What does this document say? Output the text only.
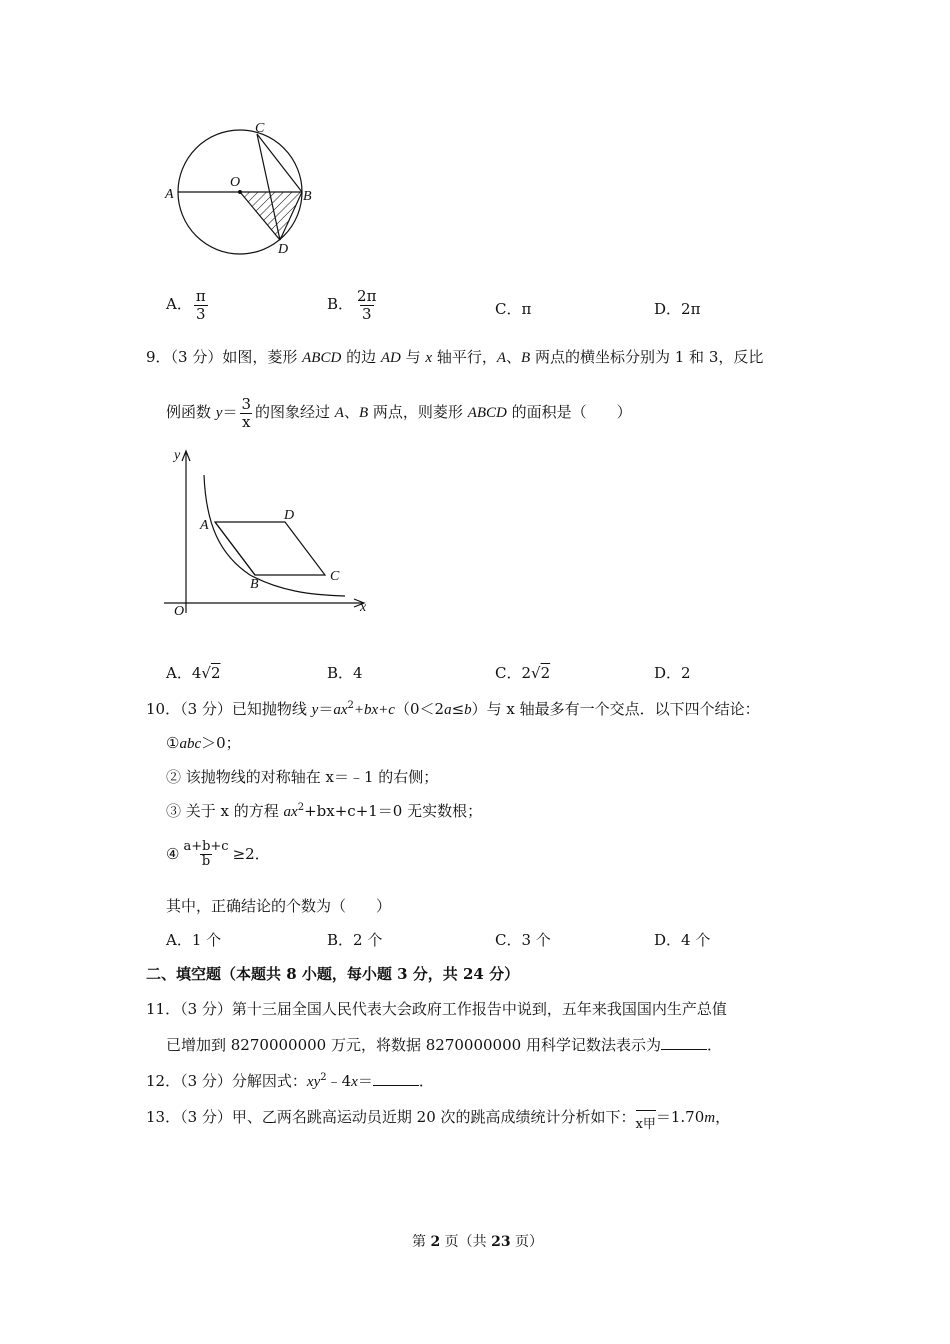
A
O
B
C
D
A． $\frac{\pi}{3}$	B． $\frac{2\pi}{3}$	C．π	D．2π
9．（3 分）如图，菱形 ABCD 的边 AD 与 x 轴平行，A、B 两点的横坐标分别为 1 和 3，反比
例函数 $y= \frac{3}{x}$ 的图象经过 A、B 两点，则菱形 ABCD 的面积是（　　）
y
x
O
A
D
B
C
A．4√2	B．4	C．2√2	D．2
10．（3 分）已知抛物线 $y=ax^2+bx+c(0<2a\le b)$与 x 轴最多有一个交点．以下四个结论：
①abc＞0；
② 该抛物线的对称轴在 x＝﹣1 的右侧；
③ 关于 x 的方程 $ax^2+bx+c+1=0$ 无实数根；
④ $\frac{a+b+c}{b} \ge 2$．
其中，正确结论的个数为（　　）
A．1 个	B．2 个	C．3 个	D．4 个
二、填空题（本题共 8 小题，每小题 3 分，共 24 分）
11．（3 分）第十三届全国人民代表大会政府工作报告中说到，五年来我国国内生产总值
已增加到 8270000000 万元，将数据 8270000000 用科学记数法表示为	．
12．（3 分）分解因式：$xy^2﹣4x=$	．
13．（3 分）甲、乙两名跳高运动员近期 20 次的跳高成绩统计分析如下：x甲＝1.70m，
第 2 页（共 23 页）
